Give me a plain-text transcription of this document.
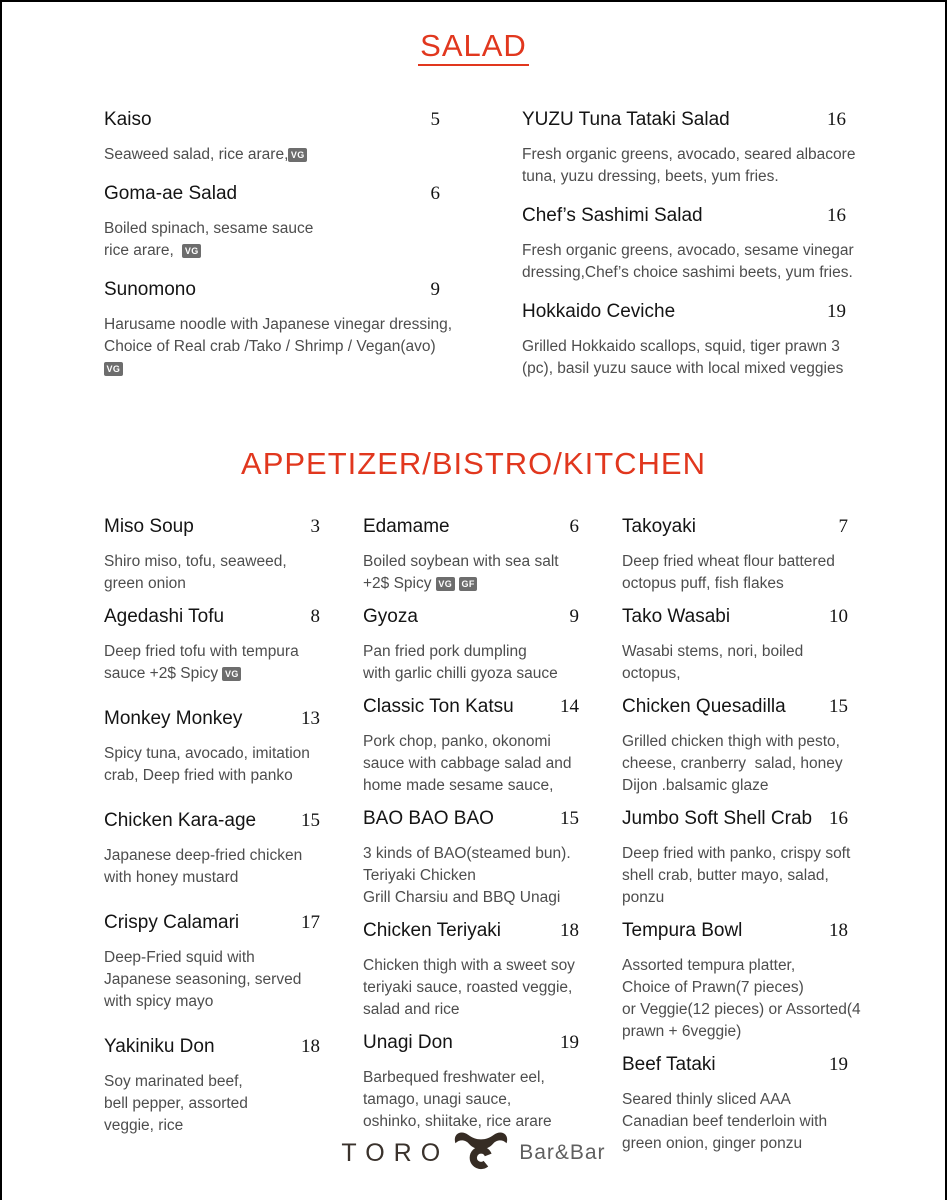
SALAD
Kaiso	5
Seaweed salad, rice arare, VG
Goma-ae Salad	6
Boiled spinach, sesame sauce
rice arare,  VG
Sunomono	9
Harusame noodle with Japanese vinegar dressing,
Choice of Real crab /Tako / Shrimp / Vegan(avo)
VG
YUZU Tuna Tataki Salad	16
Fresh organic greens, avocado, seared albacore
tuna, yuzu dressing, beets, yum fries.
Chef’s Sashimi Salad	16
Fresh organic greens, avocado, sesame vinegar
dressing,Chef’s choice sashimi beets, yum fries.
Hokkaido Ceviche	19
Grilled Hokkaido scallops, squid, tiger prawn 3
(pc), basil yuzu sauce with local mixed veggies
APPETIZER/BISTRO/KITCHEN
Miso Soup	3
Shiro miso, tofu, seaweed,
green onion
Agedashi Tofu	8
Deep fried tofu with tempura
sauce +2$ Spicy VG
Monkey Monkey	13
Spicy tuna, avocado, imitation
crab, Deep fried with panko
Chicken Kara-age	15
Japanese deep-fried chicken
with honey mustard
Crispy Calamari	17
Deep-Fried squid with
Japanese seasoning, served
with spicy mayo
Yakiniku Don	18
Soy marinated beef,
bell pepper, assorted
veggie, rice
Edamame	6
Boiled soybean with sea salt
+2$ Spicy VG GF
Gyoza	9
Pan fried pork dumpling
with garlic chilli gyoza sauce
Classic Ton Katsu	14
Pork chop, panko, okonomi
sauce with cabbage salad and
home made sesame sauce,
BAO BAO BAO	15
3 kinds of BAO(steamed bun).
Teriyaki Chicken
Grill Charsiu and BBQ Unagi
Chicken Teriyaki	18
Chicken thigh with a sweet soy
teriyaki sauce, roasted veggie,
salad and rice
Unagi Don	19
Barbequed freshwater eel,
tamago, unagi sauce,
oshinko, shiitake, rice arare
Takoyaki	7
Deep fried wheat flour battered
octopus puff, fish flakes
Tako Wasabi	10
Wasabi stems, nori, boiled
octopus,
Chicken Quesadilla	15
Grilled chicken thigh with pesto,
cheese, cranberry  salad, honey
Dijon .balsamic glaze
Jumbo Soft Shell Crab 16
Deep fried with panko, crispy soft
shell crab, butter mayo, salad,
ponzu
Tempura Bowl	18
Assorted tempura platter,
Choice of Prawn(7 pieces)
or Veggie(12 pieces) or Assorted(4
prawn + 6veggie)
Beef Tataki	19
Seared thinly sliced AAA
Canadian beef tenderloin with
green onion, ginger ponzu
TORO	Bar&Bar
